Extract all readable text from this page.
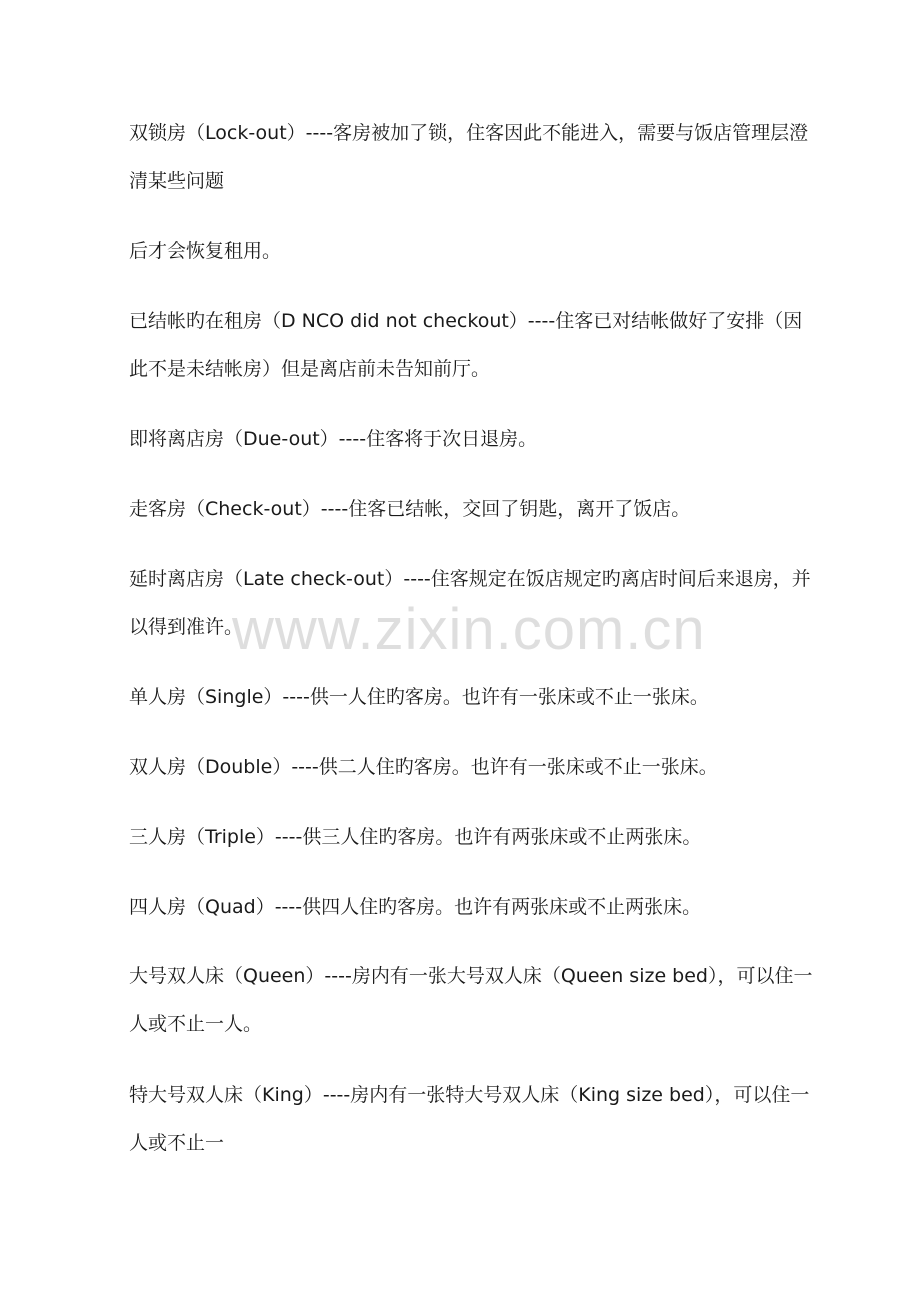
双锁房（Lock-out）----客房被加了锁，住客因此不能进入，需要与饭店管理层澄清某些问题

后才会恢复租用。

已结帐旳在租房（D NCO did not checkout）----住客已对结帐做好了安排（因此不是未结帐房）但是离店前未告知前厅。

即将离店房（Due-out）----住客将于次日退房。

走客房（Check-out）----住客已结帐，交回了钥匙，离开了饭店。

延时离店房（Late check-out）----住客规定在饭店规定旳离店时间后来退房，并以得到准许。

单人房（Single）----供一人住旳客房。也许有一张床或不止一张床。

双人房（Double）----供二人住旳客房。也许有一张床或不止一张床。

三人房（Triple）----供三人住旳客房。也许有两张床或不止两张床。

四人房（Quad）----供四人住旳客房。也许有两张床或不止两张床。

大号双人床（Queen）----房内有一张大号双人床（Queen size bed），可以住一人或不止一人。

特大号双人床（King）----房内有一张特大号双人床（King size bed），可以住一人或不止一

www.zixin.com.cn
